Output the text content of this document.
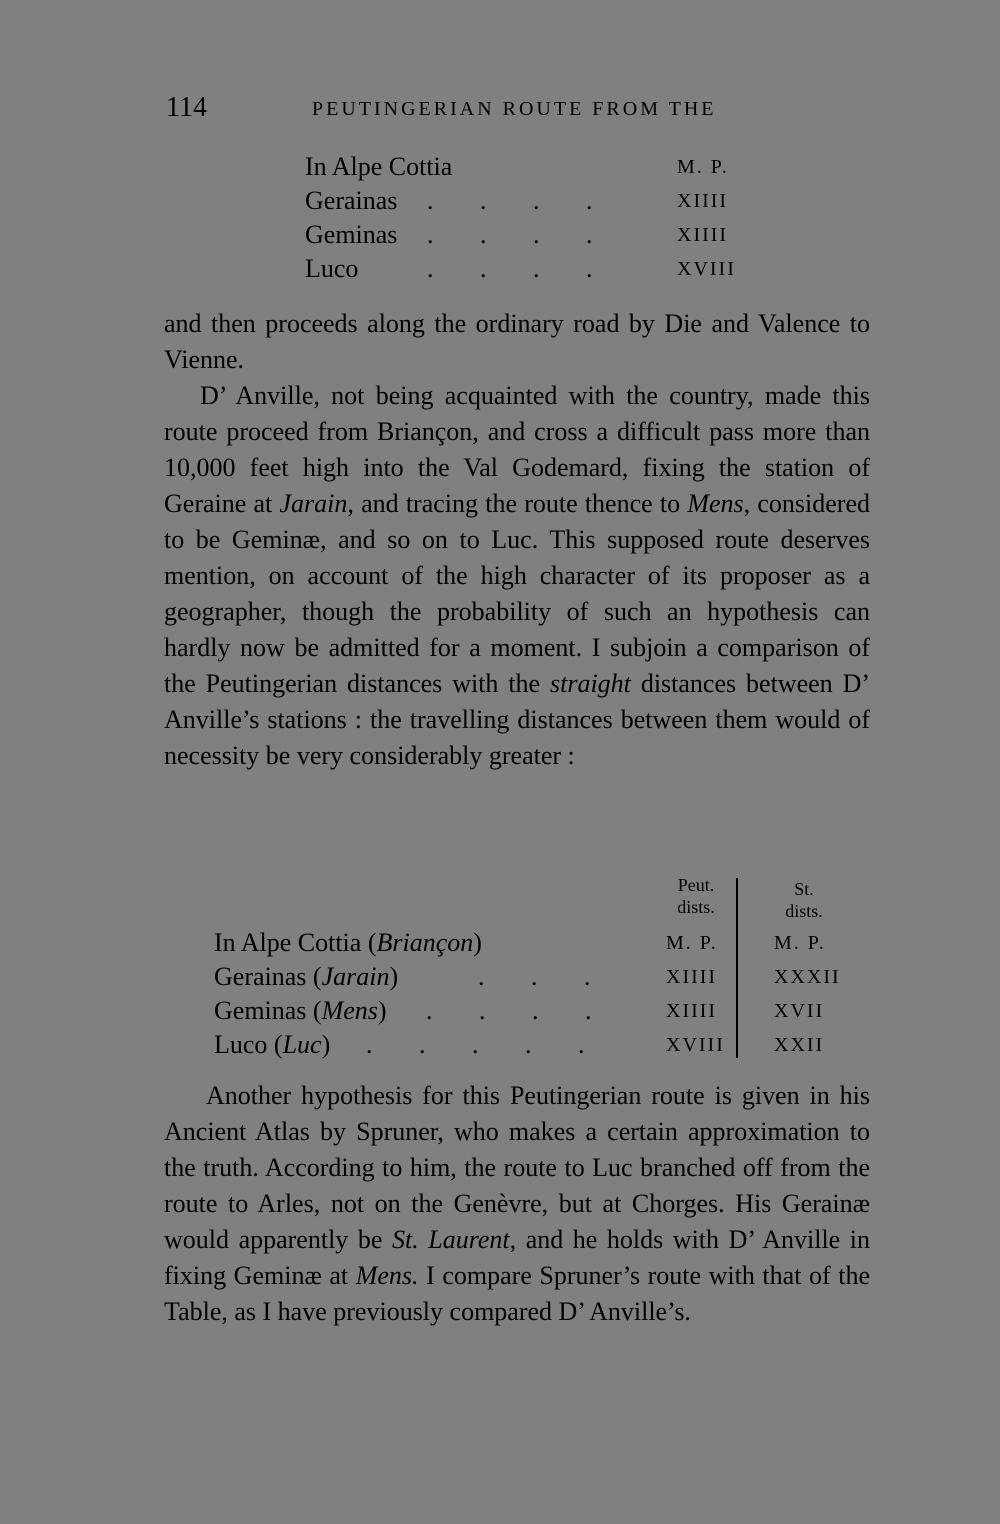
114	PEUTINGERIAN ROUTE FROM THE
In Alpe Cottia	M. P.
Gerainas . . . .	XIIII
Geminas . . . .	XIIII
Luco	. . . .	XVIII

and then proceeds along the ordinary road by Die and Valence to Vienne.

D’ Anville, not being acquainted with the country, made this route proceed from Briançon, and cross a difficult pass more than 10,000 feet high into the Val Godemard, fixing the station of Geraine at Jarain, and tracing the route thence to Mens, considered to be Geminæ, and so on to Luc. This supposed route deserves mention, on account of the high character of its proposer as a geographer, though the probability of such an hypothesis can hardly now be admitted for a moment. I subjoin a comparison of the Peutingerian distances with the straight distances between D’ Anville’s stations : the travelling distances between them would of necessity be very considerably greater :

Peut.
dists.
St.
dists.
In Alpe Cottia (Briançon)	M. P.	M. P.
Gerainas (Jarain)	. . .	XIIII	XXXII
Geminas (Mens) . . . .	XIIII	XVII
Luco (Luc) . . . . .	XVIII XXII

Another hypothesis for this Peutingerian route is given in his Ancient Atlas by Spruner, who makes a certain approximation to the truth. According to him, the route to Luc branched off from the route to Arles, not on the Genèvre, but at Chorges. His Gerainæ would apparently be St. Laurent, and he holds with D’ Anville in fixing Geminæ at Mens. I compare Spruner’s route with that of the Table, as I have previously compared D’ Anville’s.
